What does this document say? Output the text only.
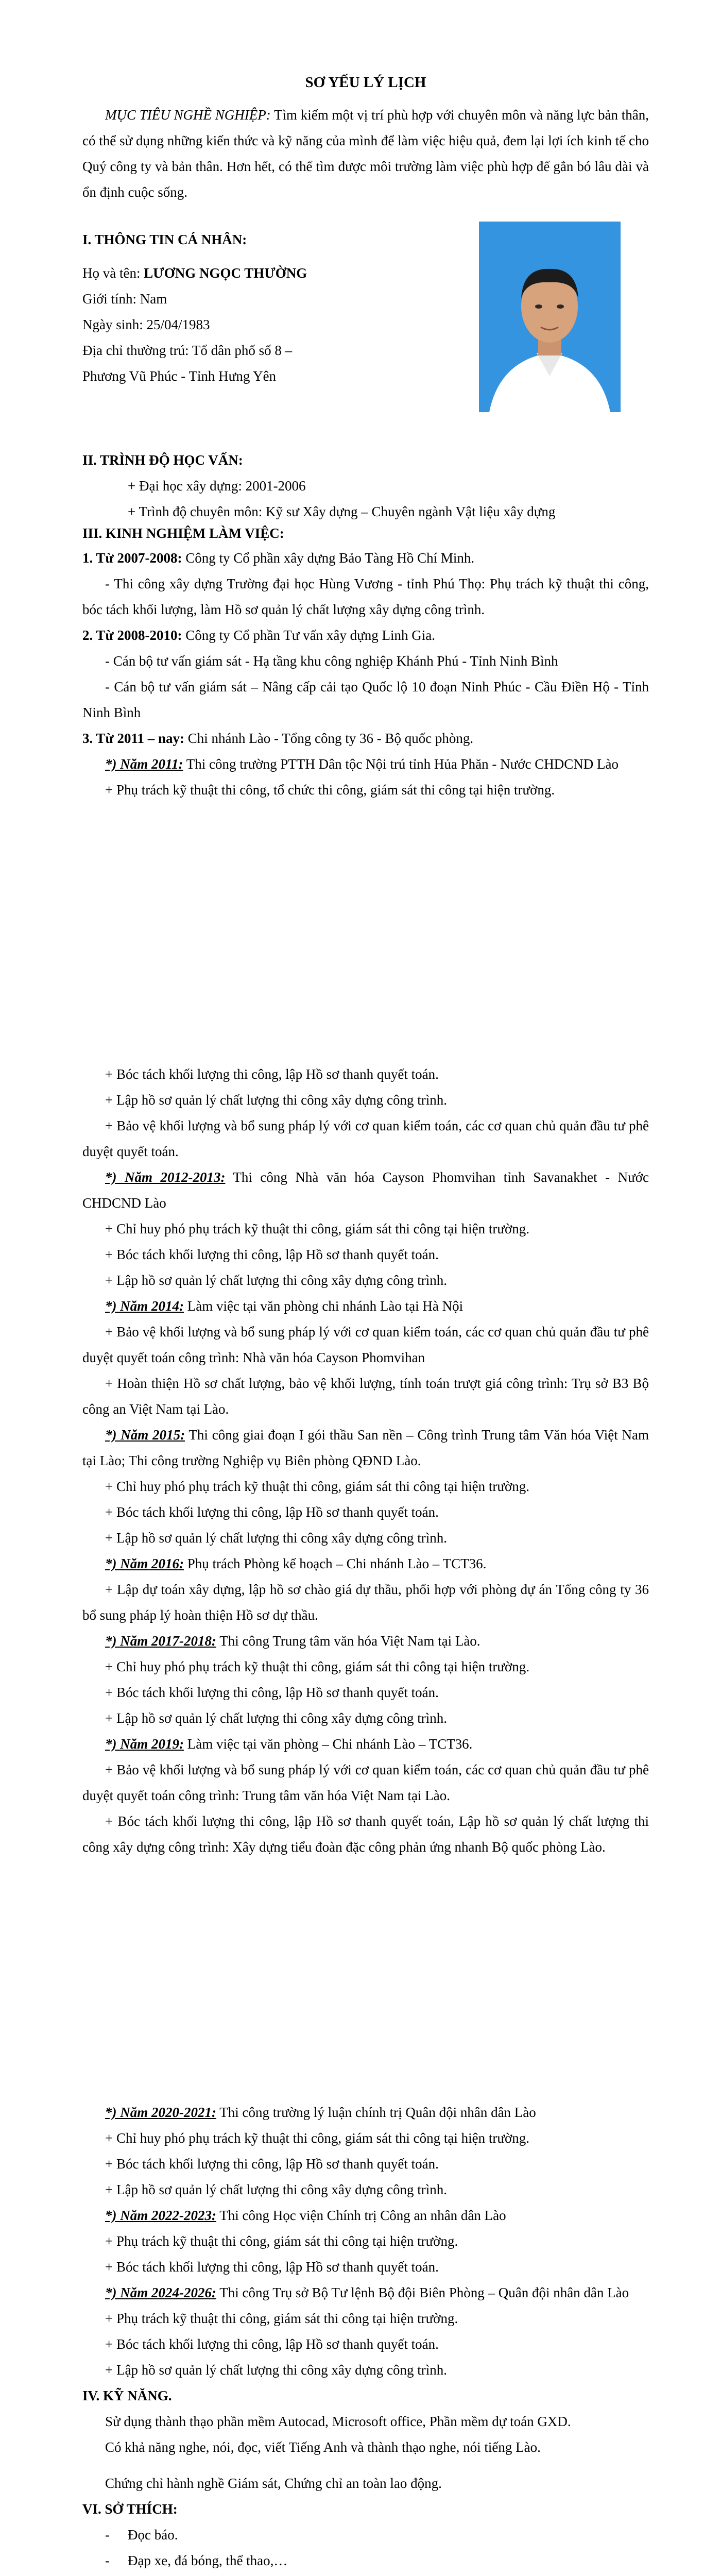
SƠ YẾU LÝ LỊCH

MỤC TIÊU NGHỀ NGHIỆP: Tìm kiếm một vị trí phù hợp với chuyên môn và năng lực bản thân, có thể sử dụng những kiến thức và kỹ năng của mình để làm việc hiệu quả, đem lại lợi ích kinh tế cho Quý công ty và bản thân. Hơn hết, có thể tìm được môi trường làm việc phù hợp để gắn bó lâu dài và ổn định cuộc sống.

I. THÔNG TIN CÁ NHÂN:

Họ và tên: LƯƠNG NGỌC THƯỜNG

Giới tính: Nam

Ngày sinh: 25/04/1983

Địa chỉ thường trú: Tổ dân phố số 8 –

Phương Vũ Phúc - Tỉnh Hưng Yên

II. TRÌNH ĐỘ HỌC VẤN:

+ Đại học xây dựng: 2001-2006

+ Trình độ chuyên môn: Kỹ sư Xây dựng – Chuyên ngành Vật liệu xây dựng

III. KINH NGHIỆM LÀM VIỆC:

1. Từ 2007-2008: Công ty Cổ phần xây dựng Bảo Tàng Hồ Chí Minh.

- Thi công xây dựng Trường đại học Hùng Vương - tỉnh Phú Thọ: Phụ trách kỹ thuật thi công, bóc tách khối lượng, làm Hồ sơ quản lý chất lượng xây dựng công trình.

2. Từ 2008-2010: Công ty Cổ phần Tư vấn xây dựng Linh Gia.

- Cán bộ tư vấn giám sát - Hạ tầng khu công nghiệp Khánh Phú - Tỉnh Ninh Bình

- Cán bộ tư vấn giám sát – Nâng cấp cải tạo Quốc lộ 10 đoạn Ninh Phúc - Cầu Điền Hộ - Tỉnh Ninh Bình

3. Từ 2011 – nay: Chi nhánh Lào - Tổng công ty 36 - Bộ quốc phòng.

*) Năm 2011: Thi công trường PTTH Dân tộc Nội trú tỉnh Hủa Phăn - Nước CHDCND Lào

+ Phụ trách kỹ thuật thi công, tổ chức thi công, giám sát thi công tại hiện trường.

+ Bóc tách khối lượng thi công, lập Hồ sơ thanh quyết toán.

+ Lập hồ sơ quản lý chất lượng thi công xây dựng công trình.

+ Bảo vệ khối lượng và bổ sung pháp lý với cơ quan kiểm toán, các cơ quan chủ quản đầu tư phê duyệt quyết toán.

*) Năm 2012-2013: Thi công Nhà văn hóa Cayson Phomvihan tỉnh Savanakhet - Nước CHDCND Lào

+ Chỉ huy phó phụ trách kỹ thuật thi công, giám sát thi công tại hiện trường.

+ Bóc tách khối lượng thi công, lập Hồ sơ thanh quyết toán.

+ Lập hồ sơ quản lý chất lượng thi công xây dựng công trình.

*) Năm 2014: Làm việc tại văn phòng chi nhánh Lào tại Hà Nội

+ Bảo vệ khối lượng và bổ sung pháp lý với cơ quan kiểm toán, các cơ quan chủ quản đầu tư phê duyệt quyết toán công trình: Nhà văn hóa Cayson Phomvihan

+ Hoàn thiện Hồ sơ chất lượng, bảo vệ khối lượng, tính toán trượt giá công trình: Trụ sở B3 Bộ công an Việt Nam tại Lào.

*) Năm 2015: Thi công giai đoạn I gói thầu San nền – Công trình Trung tâm Văn hóa Việt Nam tại Lào; Thi công trường Nghiệp vụ Biên phòng QĐND Lào.

+ Chỉ huy phó phụ trách kỹ thuật thi công, giám sát thi công tại hiện trường.

+ Bóc tách khối lượng thi công, lập Hồ sơ thanh quyết toán.

+ Lập hồ sơ quản lý chất lượng thi công xây dựng công trình.

*) Năm 2016: Phụ trách Phòng kế hoạch – Chi nhánh Lào – TCT36.

+ Lập dự toán xây dựng, lập hồ sơ chào giá dự thầu, phối hợp với phòng dự án Tổng công ty 36 bổ sung pháp lý hoàn thiện Hồ sơ dự thầu.

*) Năm 2017-2018: Thi công Trung tâm văn hóa Việt Nam tại Lào.

+ Chỉ huy phó phụ trách kỹ thuật thi công, giám sát thi công tại hiện trường.

+ Bóc tách khối lượng thi công, lập Hồ sơ thanh quyết toán.

+ Lập hồ sơ quản lý chất lượng thi công xây dựng công trình.

*) Năm 2019: Làm việc tại văn phòng – Chi nhánh Lào – TCT36.

+ Bảo vệ khối lượng và bổ sung pháp lý với cơ quan kiểm toán, các cơ quan chủ quản đầu tư phê duyệt quyết toán công trình: Trung tâm văn hóa Việt Nam tại Lào.

+ Bóc tách khối lượng thi công, lập Hồ sơ thanh quyết toán, Lập hồ sơ quản lý chất lượng thi công xây dựng công trình: Xây dựng tiểu đoàn đặc công phản ứng nhanh Bộ quốc phòng Lào.

*) Năm 2020-2021: Thi công trường lý luận chính trị Quân đội nhân dân Lào

+ Chỉ huy phó phụ trách kỹ thuật thi công, giám sát thi công tại hiện trường.

+ Bóc tách khối lượng thi công, lập Hồ sơ thanh quyết toán.

+ Lập hồ sơ quản lý chất lượng thi công xây dựng công trình.

*) Năm 2022-2023: Thi công Học viện Chính trị Công an nhân dân Lào

+ Phụ trách kỹ thuật thi công, giám sát thi công tại hiện trường.

+ Bóc tách khối lượng thi công, lập Hồ sơ thanh quyết toán.

*) Năm 2024-2026: Thi công Trụ sở Bộ Tư lệnh Bộ đội Biên Phòng – Quân đội nhân dân Lào

+ Phụ trách kỹ thuật thi công, giám sát thi công tại hiện trường.

+ Bóc tách khối lượng thi công, lập Hồ sơ thanh quyết toán.

+ Lập hồ sơ quản lý chất lượng thi công xây dựng công trình.

IV. KỸ NĂNG.

Sử dụng thành thạo phần mềm Autocad, Microsoft office, Phần mềm dự toán GXD.

Có khả năng nghe, nói, đọc, viết Tiếng Anh và thành thạo nghe, nói tiếng Lào.

Chứng chỉ hành nghề Giám sát, Chứng chỉ an toàn lao động.

VI. SỞ THÍCH:

- Đọc báo.
- Đạp xe, đá bóng, thể thao,…
-
